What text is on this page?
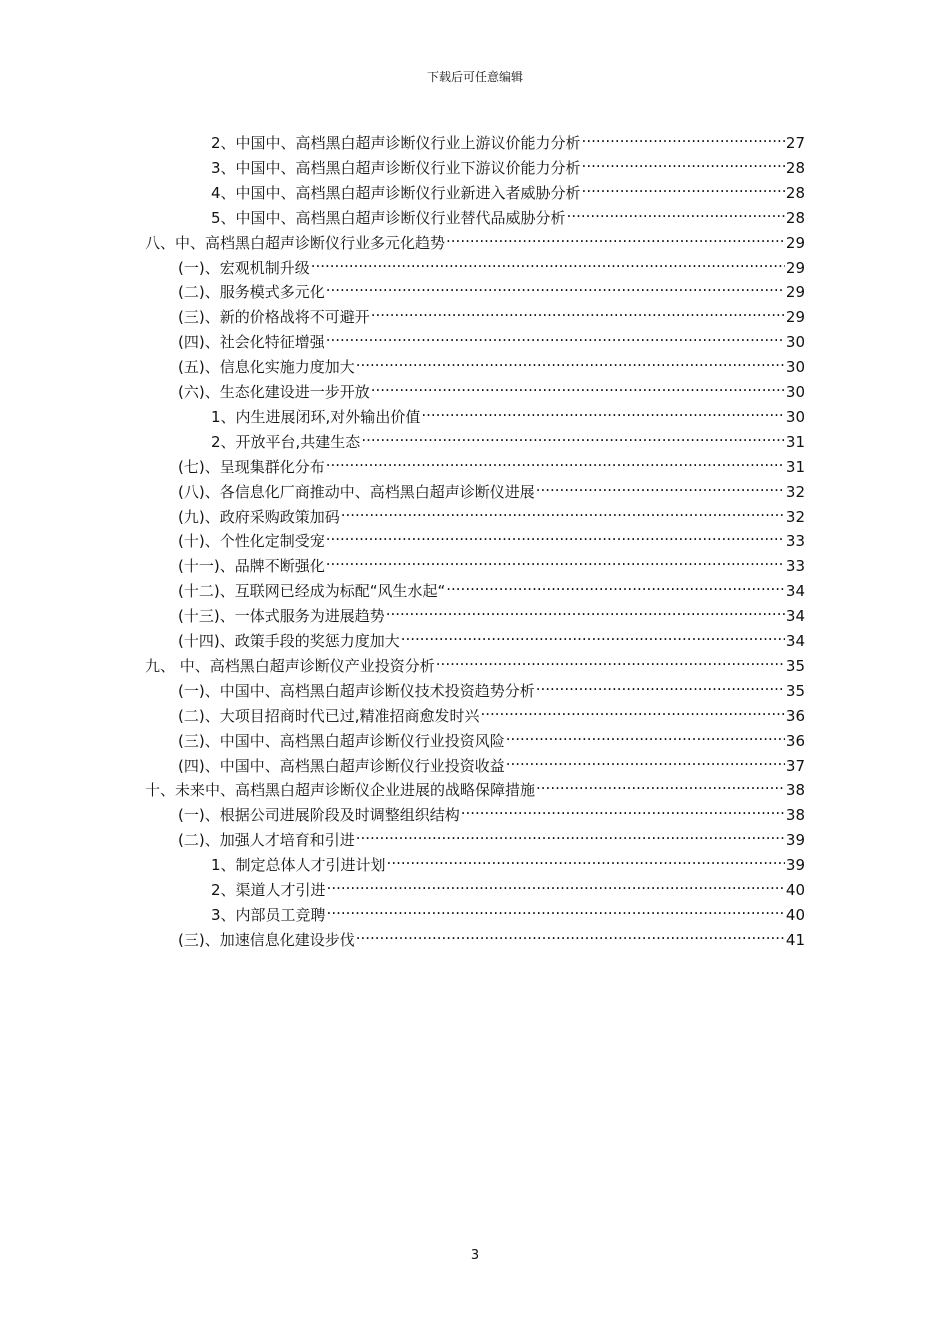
下载后可任意编辑
2、中国中、高档黑白超声诊断仪行业上游议价能力分析 .....	27
3、中国中、高档黑白超声诊断仪行业下游议价能力分析 .....	28
4、中国中、高档黑白超声诊断仪行业新进入者威胁分析 .....	28
5、中国中、高档黑白超声诊断仪行业替代品威胁分析 .....	28
八、中、高档黑白超声诊断仪行业多元化趋势 .....	29
(一)、宏观机制升级 .....	29
(二)、服务模式多元化 .....	29
(三)、新的价格战将不可避开 .....	29
(四)、社会化特征增强 .....	30
(五)、信息化实施力度加大 .....	30
(六)、生态化建设进一步开放 .....	30
1、内生进展闭环,对外输出价值 .....	30
2、开放平台,共建生态 .....	31
(七)、呈现集群化分布 .....	31
(八)、各信息化厂商推动中、高档黑白超声诊断仪进展 .....	32
(九)、政府采购政策加码 .....	32
(十)、个性化定制受宠 .....	33
(十一)、品牌不断强化 .....	33
(十二)、互联网已经成为标配“风生水起“ .....	34
(十三)、一体式服务为进展趋势 .....	34
(十四)、政策手段的奖惩力度加大 .....	34
九、 中、高档黑白超声诊断仪产业投资分析 .....	35
(一)、中国中、高档黑白超声诊断仪技术投资趋势分析 .....	35
(二)、大项目招商时代已过,精准招商愈发时兴 .....	36
(三)、中国中、高档黑白超声诊断仪行业投资风险 .....	36
(四)、中国中、高档黑白超声诊断仪行业投资收益 .....	37
十、未来中、高档黑白超声诊断仪企业进展的战略保障措施 .....	38
(一)、根据公司进展阶段及时调整组织结构 .....	38
(二)、加强人才培育和引进 .....	39
1、制定总体人才引进计划 .....	39
2、渠道人才引进 .....	40
3、内部员工竞聘 .....	40
(三)、加速信息化建设步伐 .....	41
3
